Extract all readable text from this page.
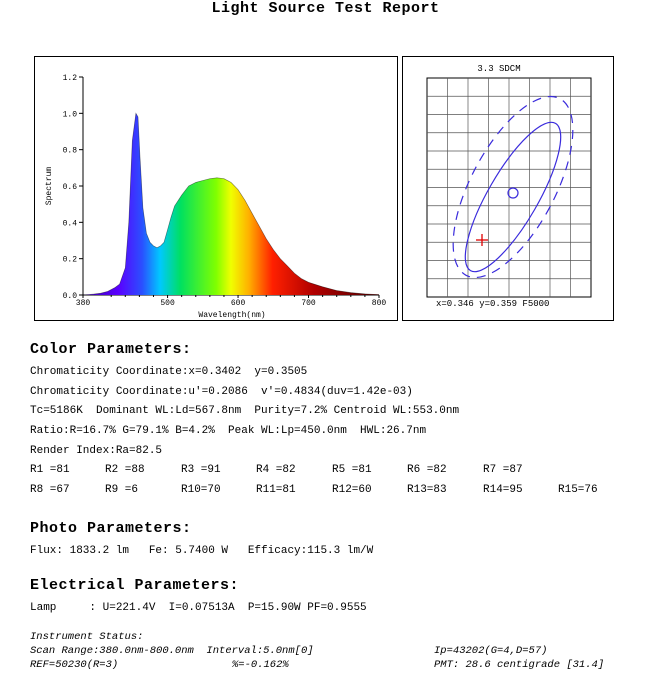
Light Source Test Report
0.0
0.2
0.4
0.6
0.8
1.0
1.2
380	500	600	700	800
Wavelength(nm)
Spectrum
3.3 SDCM
x=0.346 y=0.359 F5000
Color Parameters:
Chromaticity Coordinate:x=0.3402  y=0.3505
Chromaticity Coordinate:u'=0.2086  v'=0.4834(duv=1.42e-03)
Tc=5186K  Dominant WL:Ld=567.8nm  Purity=7.2% Centroid WL:553.0nm
Ratio:R=16.7% G=79.1% B=4.2%  Peak WL:Lp=450.0nm  HWL:26.7nm
Render Index:Ra=82.5
R1 =81	R2 =88	R3 =91	R4 =82	R5 =81	R6 =82	R7 =87
R8 =67	R9 =6	R10=70	R11=81	R12=60	R13=83	R14=95	R15=76
Photo Parameters:
Flux: 1833.2 lm   Fe: 5.7400 W   Efficacy:115.3 lm/W
Electrical Parameters:
Lamp     : U=221.4V  I=0.07513A  P=15.90W PF=0.9555
Instrument Status:
Scan Range:380.0nm-800.0nm  Interval:5.0nm[0]	Ip=43202(G=4,D=57)
REF=50230(R=3)	%=-0.162%	PMT: 28.6 centigrade [31.4]
